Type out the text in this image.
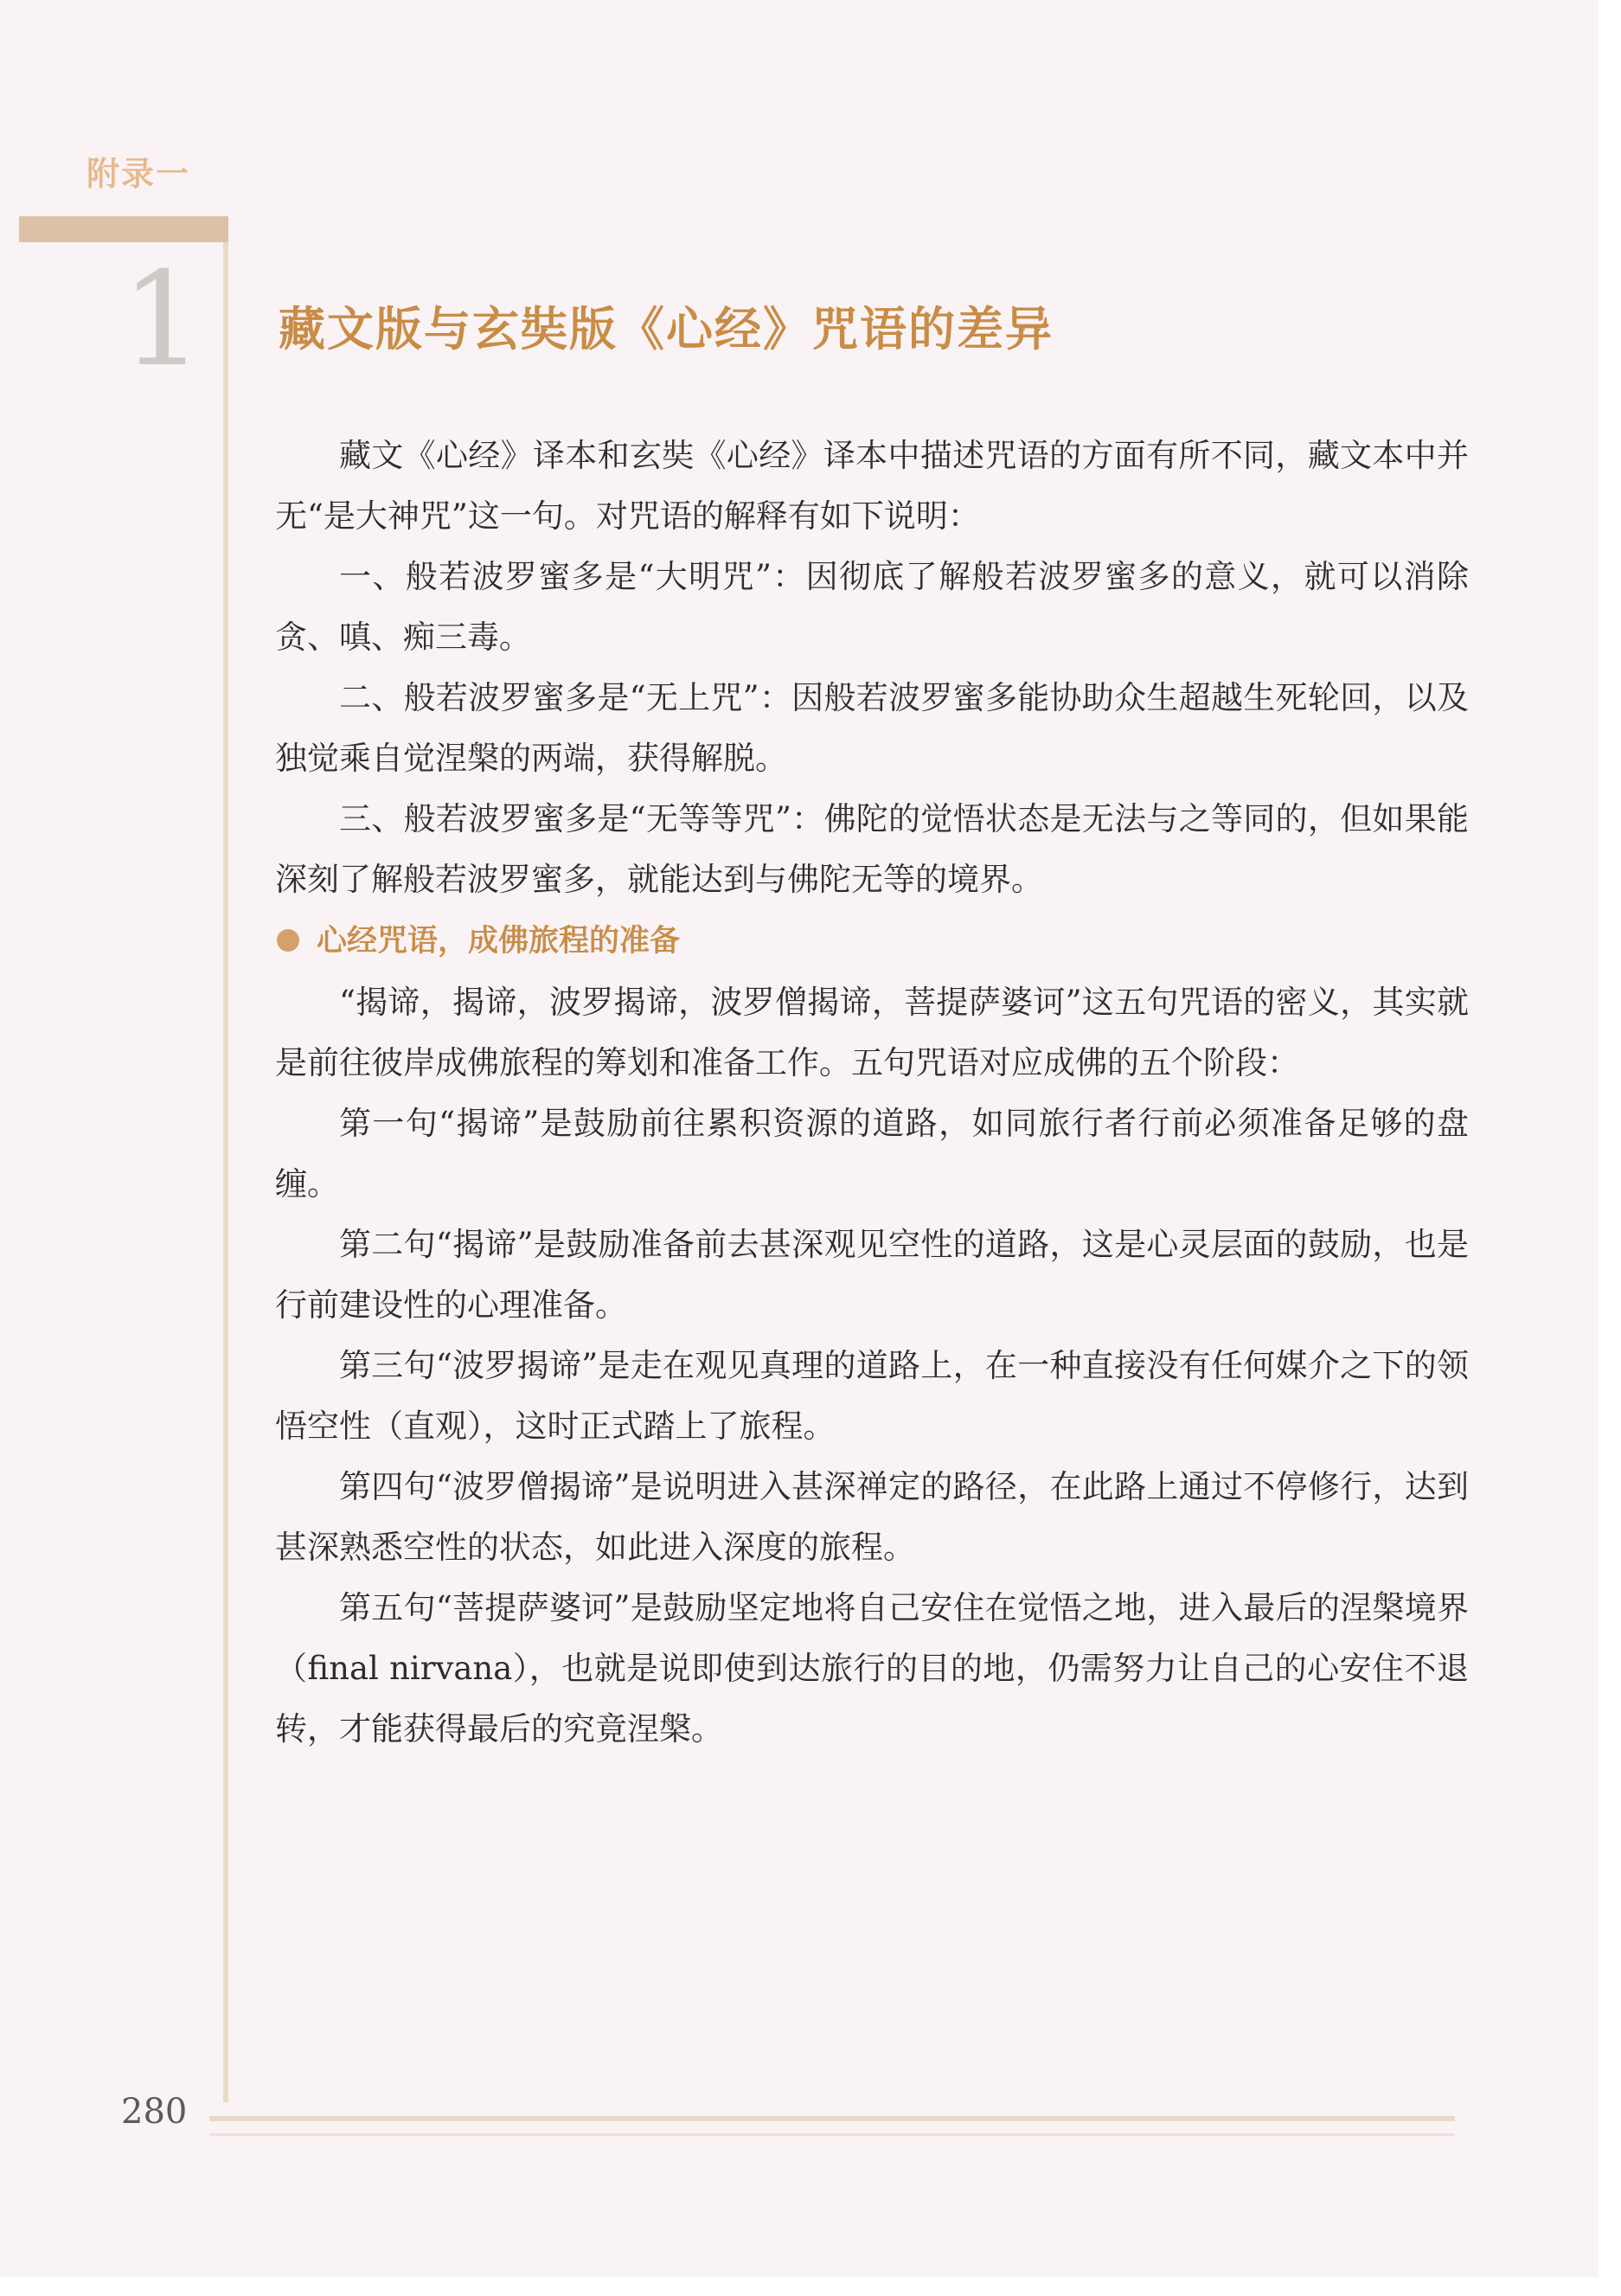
附录一
1 藏文版与玄奘版《心经》咒语的差异

藏文《心经》译本和玄奘《心经》译本中描述咒语的方面有所不同，藏文本中并无“是大神咒”这一句。对咒语的解释有如下说明：

一、般若波罗蜜多是“大明咒”：因彻底了解般若波罗蜜多的意义，就可以消除贪、嗔、痴三毒。

二、般若波罗蜜多是“无上咒”：因般若波罗蜜多能协助众生超越生死轮回，以及独觉乘自觉涅槃的两端，获得解脱。

三、般若波罗蜜多是“无等等咒”：佛陀的觉悟状态是无法与之等同的，但如果能深刻了解般若波罗蜜多，就能达到与佛陀无等的境界。

心经咒语，成佛旅程的准备

“揭谛，揭谛，波罗揭谛，波罗僧揭谛，菩提萨婆诃”这五句咒语的密义，其实就是前往彼岸成佛旅程的筹划和准备工作。五句咒语对应成佛的五个阶段：

第一句“揭谛”是鼓励前往累积资源的道路，如同旅行者行前必须准备足够的盘缠。

第二句“揭谛”是鼓励准备前去甚深观见空性的道路，这是心灵层面的鼓励，也是行前建设性的心理准备。

第三句“波罗揭谛”是走在观见真理的道路上，在一种直接没有任何媒介之下的领悟空性（直观），这时正式踏上了旅程。

第四句“波罗僧揭谛”是说明进入甚深禅定的路径，在此路上通过不停修行，达到甚深熟悉空性的状态，如此进入深度的旅程。

第五句“菩提萨婆诃”是鼓励坚定地将自己安住在觉悟之地，进入最后的涅槃境界（final nirvana），也就是说即使到达旅行的目的地，仍需努力让自己的心安住不退转，才能获得最后的究竟涅槃。

280
